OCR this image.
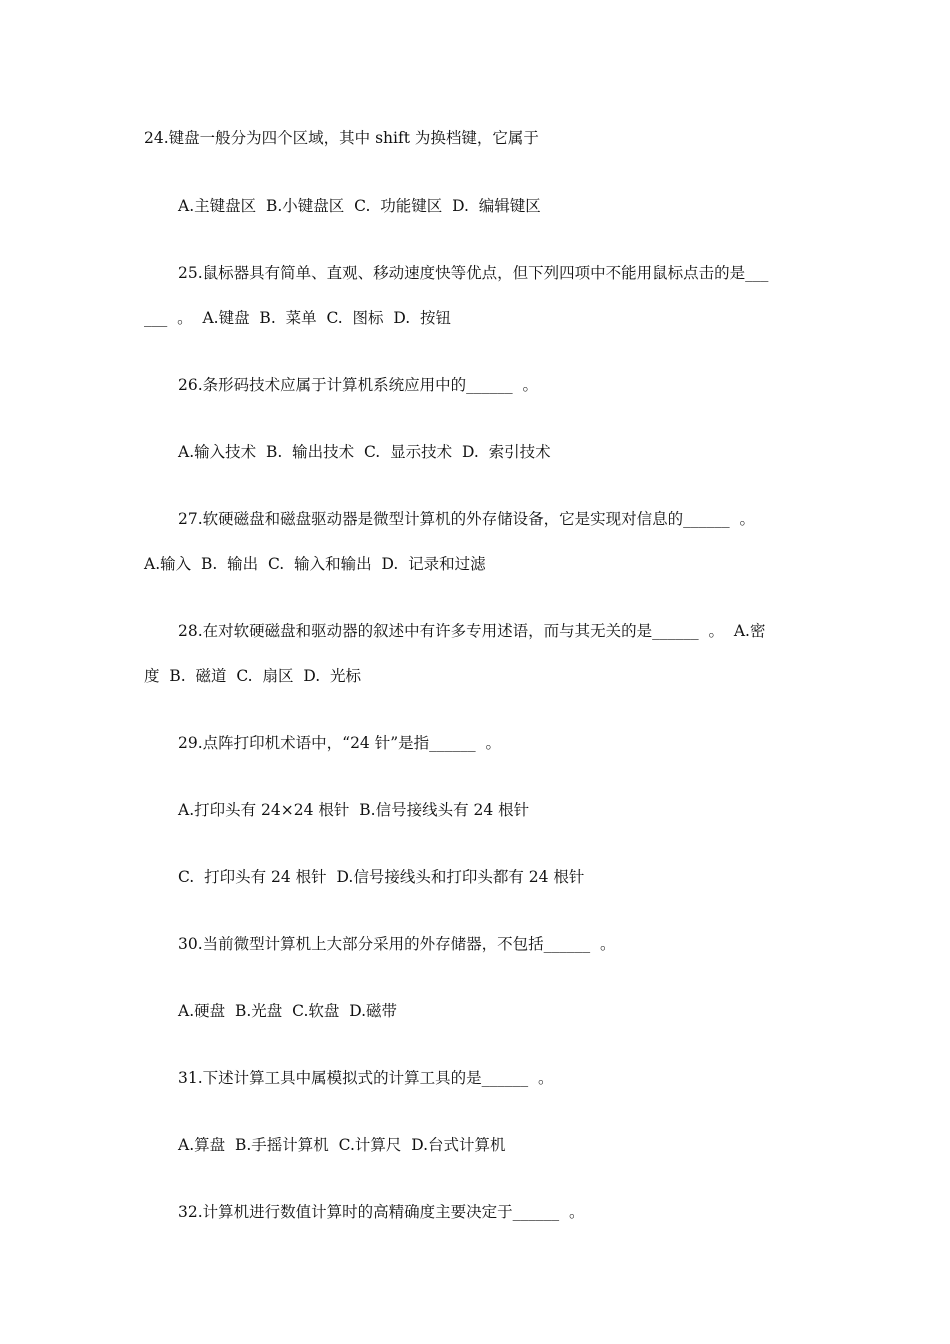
24.键盘一般分为四个区域，其中 shift 为换档键，它属于
A.主键盘区  B.小键盘区  C.  功能键区  D.  编辑键区
25.鼠标器具有简单、直观、移动速度快等优点，但下列四项中不能用鼠标点击的是___
___  。  A.键盘  B.  菜单  C.  图标  D.  按钮
26.条形码技术应属于计算机系统应用中的______  。
A.输入技术  B.  输出技术  C.  显示技术  D.  索引技术
27.软硬磁盘和磁盘驱动器是微型计算机的外存储设备，它是实现对信息的______  。
A.输入  B.  输出  C.  输入和输出  D.  记录和过滤
28.在对软硬磁盘和驱动器的叙述中有许多专用述语，而与其无关的是______  。  A.密
度  B.  磁道  C.  扇区  D.  光标
29.点阵打印机术语中，“24 针”是指______  。
A.打印头有 24×24 根针  B.信号接线头有 24 根针
C.  打印头有 24 根针  D.信号接线头和打印头都有 24 根针
30.当前微型计算机上大部分采用的外存储器，不包括______  。
A.硬盘  B.光盘  C.软盘  D.磁带
31.下述计算工具中属模拟式的计算工具的是______  。
A.算盘  B.手摇计算机  C.计算尺  D.台式计算机
32.计算机进行数值计算时的高精确度主要决定于______  。
